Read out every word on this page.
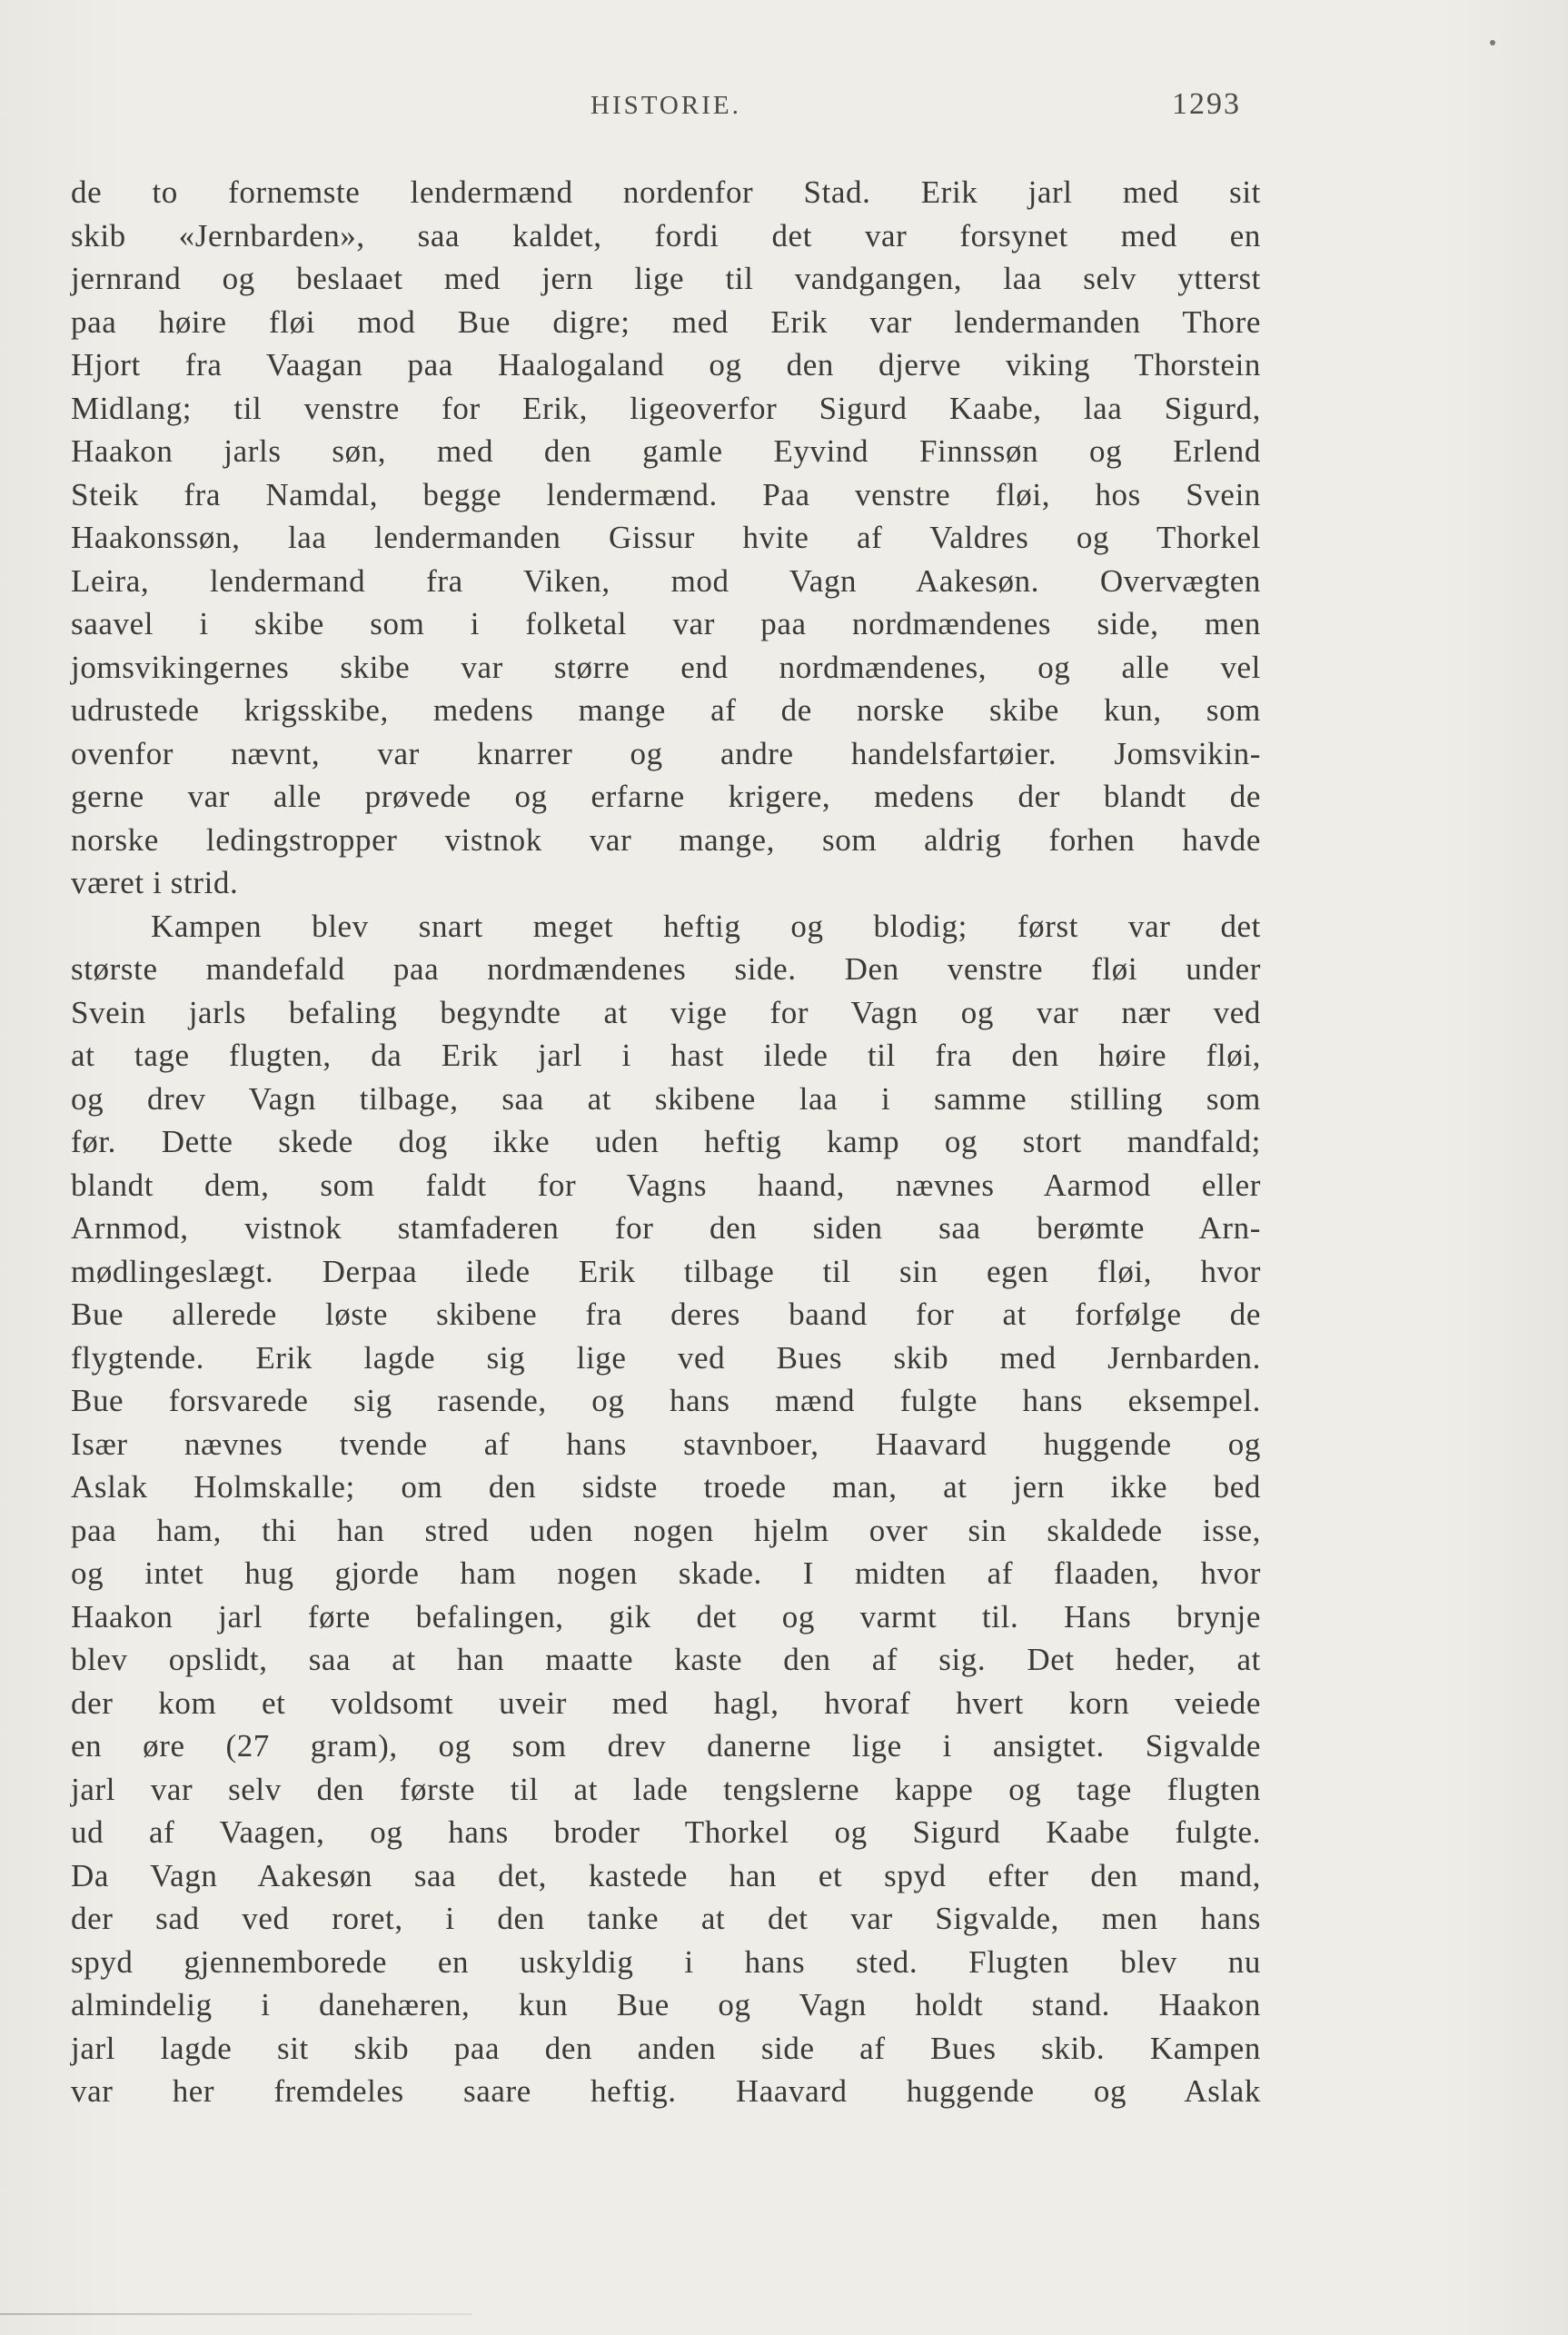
HISTORIE.	1293
de to fornemste lendermænd nordenfor Stad. Erik jarl med sit
skib «Jernbarden», saa kaldet, fordi det var forsynet med en
jernrand og beslaaet med jern lige til vandgangen, laa selv ytterst
paa høire fløi mod Bue digre; med Erik var lendermanden Thore
Hjort fra Vaagan paa Haalogaland og den djerve viking Thorstein
Midlang; til venstre for Erik, ligeoverfor Sigurd Kaabe, laa Sigurd,
Haakon jarls søn, med den gamle Eyvind Finnssøn og Erlend
Steik fra Namdal, begge lendermænd. Paa venstre fløi, hos Svein
Haakonssøn, laa lendermanden Gissur hvite af Valdres og Thorkel
Leira, lendermand fra Viken, mod Vagn Aakesøn. Overvægten
saavel i skibe som i folketal var paa nordmændenes side, men
jomsvikingernes skibe var større end nordmændenes, og alle vel
udrustede krigsskibe, medens mange af de norske skibe kun, som
ovenfor nævnt, var knarrer og andre handelsfartøier. Jomsvikin-
gerne var alle prøvede og erfarne krigere, medens der blandt de
norske ledingstropper vistnok var mange, som aldrig forhen havde
været i strid.
Kampen blev snart meget heftig og blodig; først var det
største mandefald paa nordmændenes side. Den venstre fløi under
Svein jarls befaling begyndte at vige for Vagn og var nær ved
at tage flugten, da Erik jarl i hast ilede til fra den høire fløi,
og drev Vagn tilbage, saa at skibene laa i samme stilling som
før. Dette skede dog ikke uden heftig kamp og stort mandfald;
blandt dem, som faldt for Vagns haand, nævnes Aarmod eller
Arnmod, vistnok stamfaderen for den siden saa berømte Arn-
mødlingeslægt. Derpaa ilede Erik tilbage til sin egen fløi, hvor
Bue allerede løste skibene fra deres baand for at forfølge de
flygtende. Erik lagde sig lige ved Bues skib med Jernbarden.
Bue forsvarede sig rasende, og hans mænd fulgte hans eksempel.
Især nævnes tvende af hans stavnboer, Haavard huggende og
Aslak Holmskalle; om den sidste troede man, at jern ikke bed
paa ham, thi han stred uden nogen hjelm over sin skaldede isse,
og intet hug gjorde ham nogen skade. I midten af flaaden, hvor
Haakon jarl førte befalingen, gik det og varmt til. Hans brynje
blev opslidt, saa at han maatte kaste den af sig. Det heder, at
der kom et voldsomt uveir med hagl, hvoraf hvert korn veiede
en øre (27 gram), og som drev danerne lige i ansigtet. Sigvalde
jarl var selv den første til at lade tengslerne kappe og tage flugten
ud af Vaagen, og hans broder Thorkel og Sigurd Kaabe fulgte.
Da Vagn Aakesøn saa det, kastede han et spyd efter den mand,
der sad ved roret, i den tanke at det var Sigvalde, men hans
spyd gjennemborede en uskyldig i hans sted. Flugten blev nu
almindelig i danehæren, kun Bue og Vagn holdt stand. Haakon
jarl lagde sit skib paa den anden side af Bues skib. Kampen
var her fremdeles saare heftig. Haavard huggende og Aslak
